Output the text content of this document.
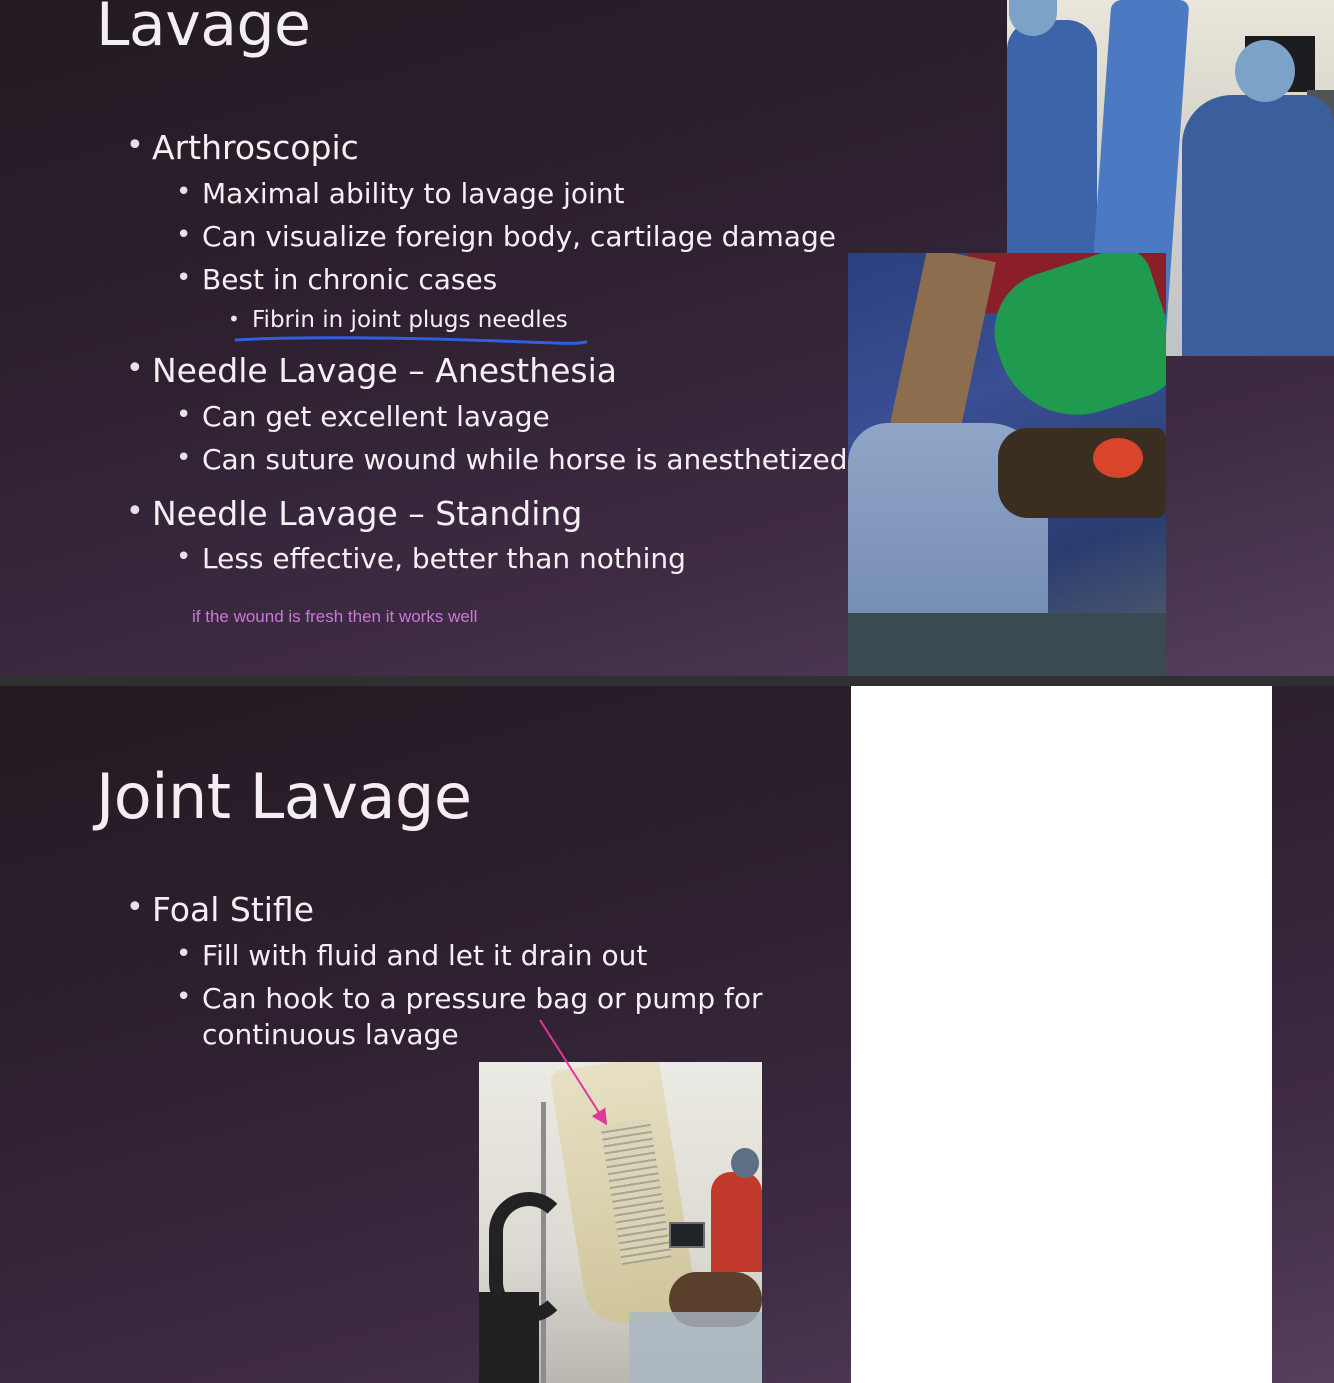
Lavage
• Arthroscopic
• Maximal ability to lavage joint
• Can visualize foreign body, cartilage damage
• Best in chronic cases
• Fibrin in joint plugs needles
• Needle Lavage – Anesthesia
• Can get excellent lavage
• Can suture wound while horse is anesthetized
• Needle Lavage – Standing
• Less effective, better than nothing
if the wound is fresh then it works well
Joint Lavage
• Foal Stifle
• Fill with fluid and let it drain out
• Can hook to a pressure bag or pump for
continuous lavage
